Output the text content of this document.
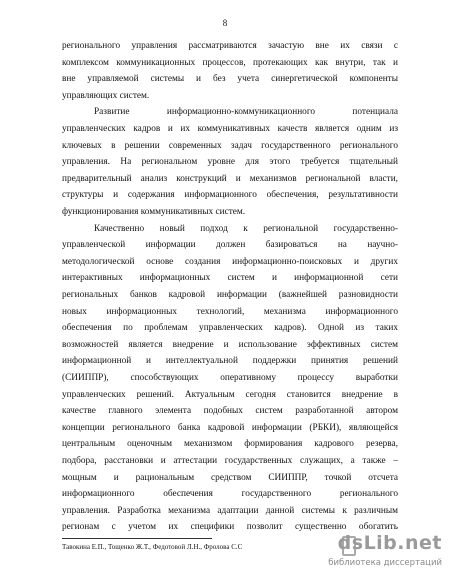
8
регионального управления рассматриваются зачастую вне их связи с
комплексом коммуникационных процессов, протекающих как внутри, так и
вне управляемой системы и без учета синергетической компоненты
управляющих систем.
Развитие информационно-коммуникационного потенциала
управленческих кадров и их коммуникативных качеств является одним из
ключевых в решении современных задач государственного регионального
управления. На региональном уровне для этого требуется тщательный
предварительный анализ конструкций и механизмов региональной власти,
структуры и содержания информационного обеспечения, результативности
функционирования коммуникативных систем.
Качественно новый подход к региональной государственно-
управленческой информации должен базироваться на научно-
методологической основе создания информационно-поисковых и других
интерактивных информационных систем и информационной сети
региональных банков кадровой информации (важнейшей разновидности
новых информационных технологий, механизма информационного
обеспечения по проблемам управленческих кадров). Одной из таких
возможностей является внедрение и использование эффективных систем
информационной и интеллектуальной поддержки принятия решений
(СИИППР), способствующих оперативному процессу выработки
управленческих решений. Актуальным сегодня становится внедрение в
качестве главного элемента подобных систем разработанной автором
концепции регионального банка кадровой информации (РБКИ), являющейся
центральным оценочным механизмом формирования кадрового резерва,
подбора, расстановки и аттестации государственных служащих, а также –
мощным и рациональным средством СИИППР, точкой отсчета
информационного обеспечения государственного регионального
управления. Разработка механизма адаптации данной системы к различным
регионам с учетом их специфики позволит существенно обогатить
Тавокина Е.П., Тощенко Ж.Т., Федотовой Л.Н., Фролова С.С	dsLib.net
библиотека диссертаций
